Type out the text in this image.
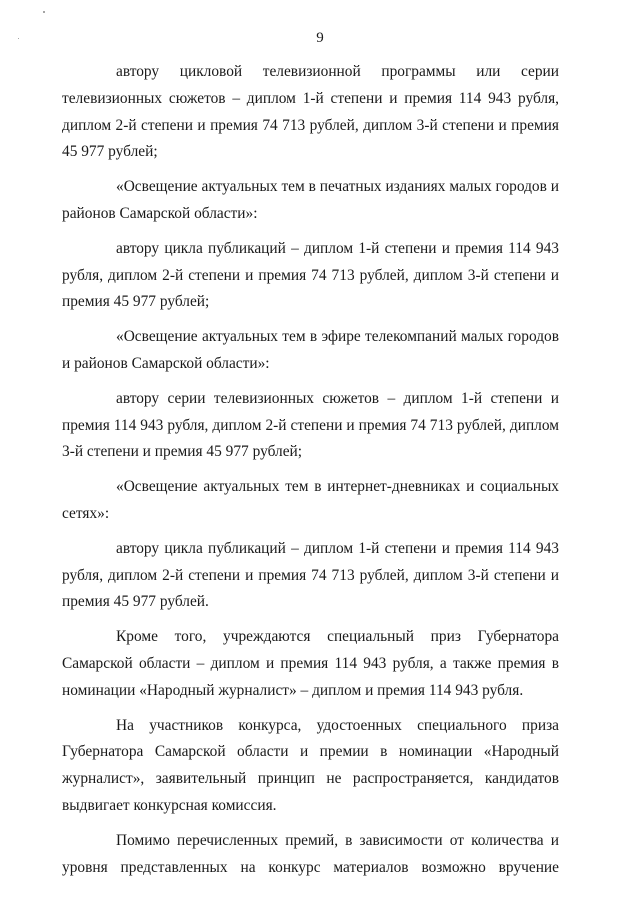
9

автору цикловой телевизионной программы или серии телевизионных сюжетов – диплом 1-й степени и премия 114 943 рубля, диплом 2-й степени и премия 74 713 рублей, диплом 3-й степени и премия 45 977 рублей;

«Освещение актуальных тем в печатных изданиях малых городов и районов Самарской области»:

автору цикла публикаций – диплом 1-й степени и премия 114 943 рубля, диплом 2-й степени и премия 74 713 рублей, диплом 3-й степени и премия 45 977 рублей;

«Освещение актуальных тем в эфире телекомпаний малых городов и районов Самарской области»:

автору серии телевизионных сюжетов – диплом 1-й степени и премия 114 943 рубля, диплом 2-й степени и премия 74 713 рублей, диплом 3-й степени и премия 45 977 рублей;

«Освещение актуальных тем в интернет-дневниках и социальных сетях»:

автору цикла публикаций – диплом 1-й степени и премия 114 943 рубля, диплом 2-й степени и премия 74 713 рублей, диплом 3-й степени и премия 45 977 рублей.

Кроме того, учреждаются специальный приз Губернатора Самарской области – диплом и премия 114 943 рубля, а также премия в номинации «Народный журналист» – диплом и премия 114 943 рубля.

На участников конкурса, удостоенных специального приза Губернатора Самарской области и премии в номинации «Народный журналист», заявительный принцип не распространяется, кандидатов выдвигает конкурсная комиссия.

Помимо перечисленных премий, в зависимости от количества и уровня представленных на конкурс материалов возможно вручение
